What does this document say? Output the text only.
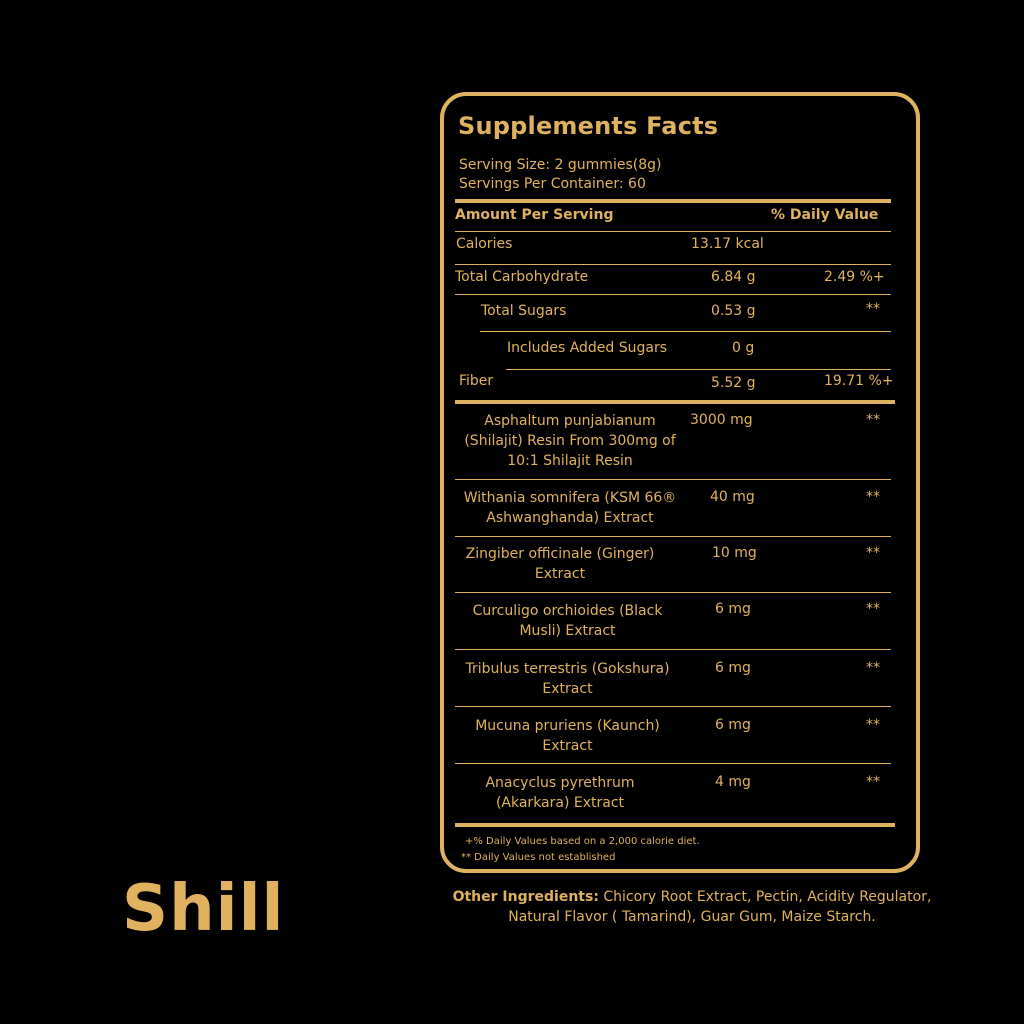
Supplements Facts
Serving Size: 2 gummies(8g)
Servings Per Container: 60
Amount Per Serving	% Daily Value
Calories	13.17 kcal
Total Carbohydrate	6.84 g	2.49 %+
Total Sugars	0.53 g	**
Includes Added Sugars	0 g
Fiber	5.52 g	19.71 %+
Asphaltum punjabianum (Shilajit) Resin From 300mg of 10:1 Shilajit Resin
3000 mg	**
Withania somnifera (KSM 66® Ashwanghanda) Extract
40 mg	**
Zingiber officinale (Ginger) Extract
10 mg	**
Curculigo orchioides (Black Musli) Extract
6 mg	**
Tribulus terrestris (Gokshura) Extract
6 mg	**
Mucuna pruriens (Kaunch) Extract
6 mg	**
Anacyclus pyrethrum (Akarkara) Extract
4 mg	**
+% Daily Values based on a 2,000 calorie diet.
** Daily Values not established
Other Ingredients: Chicory Root Extract, Pectin, Acidity Regulator, Natural Flavor ( Tamarind), Guar Gum, Maize Starch.
Shill
